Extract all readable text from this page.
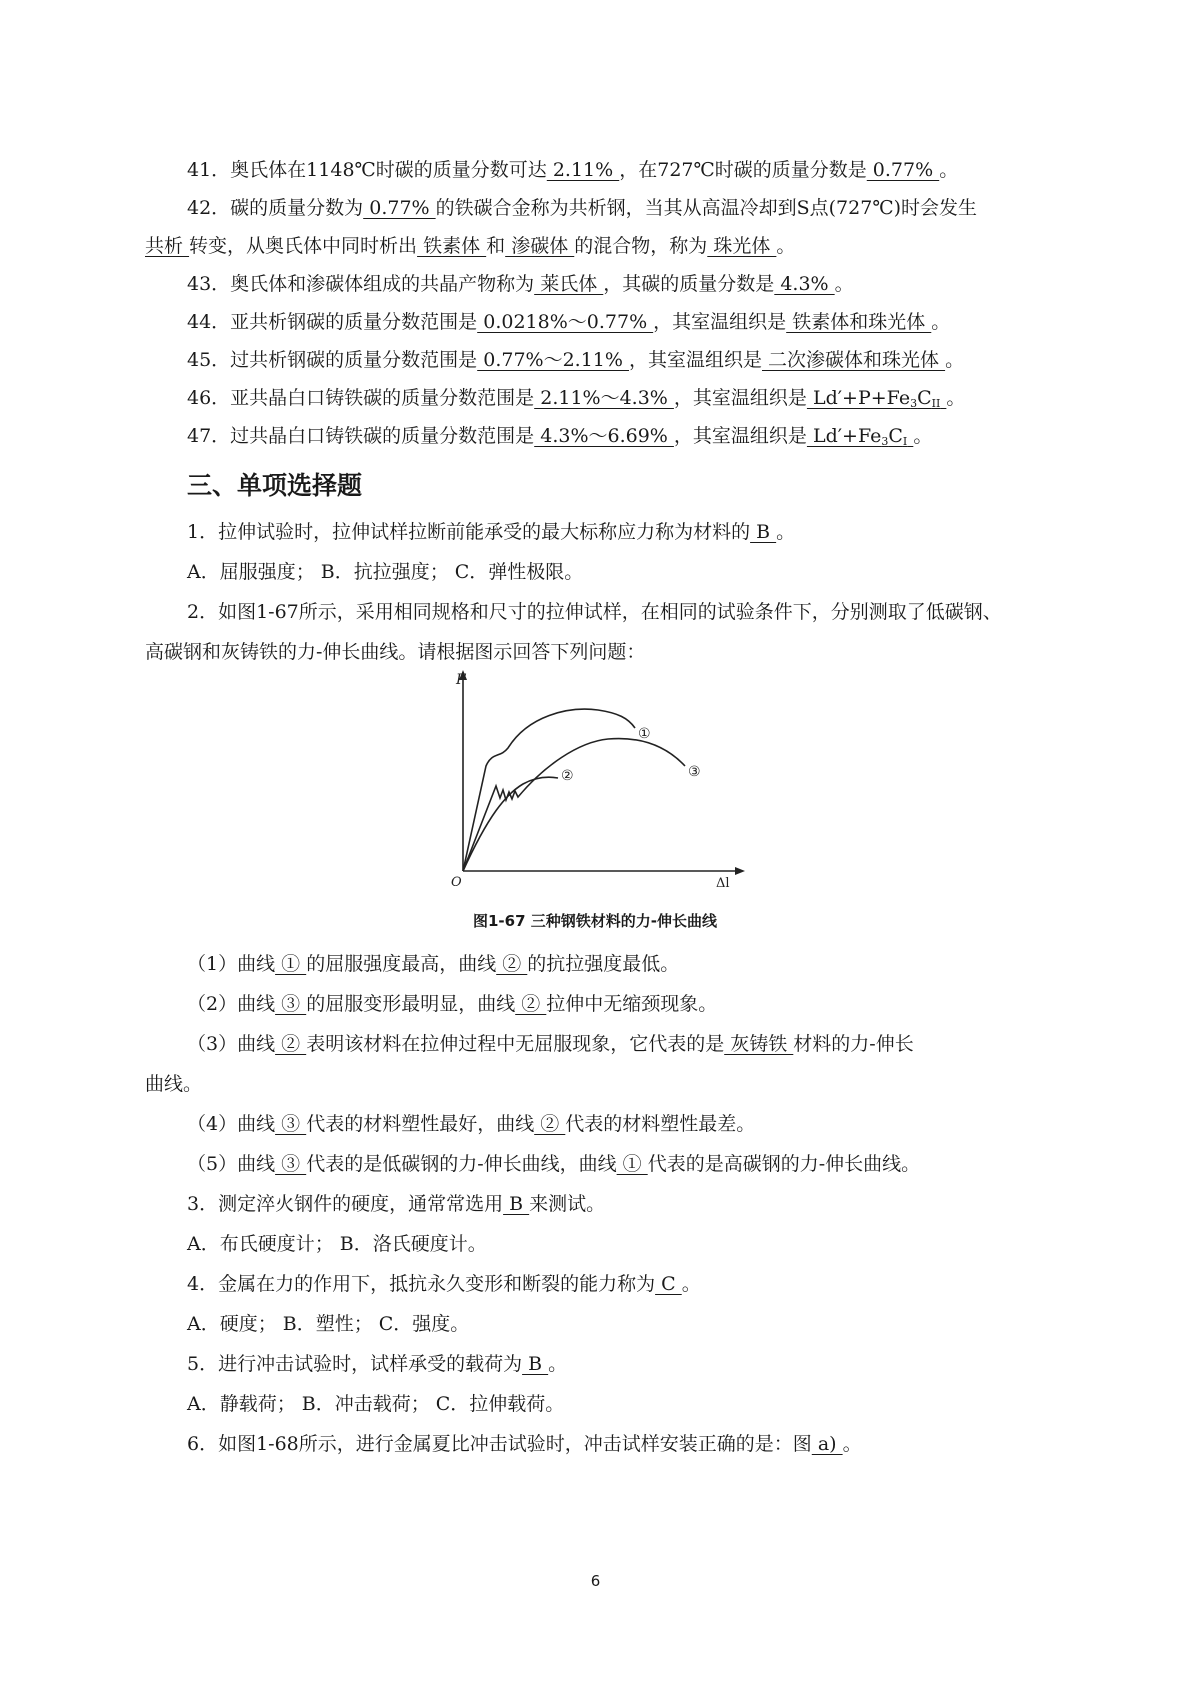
41．奥氏体在1148℃时碳的质量分数可达 2.11% ，在727℃时碳的质量分数是 0.77% 。
42．碳的质量分数为 0.77% 的铁碳合金称为共析钢，当其从高温冷却到S点(727℃)时会发生
共析 转变，从奥氏体中同时析出 铁素体 和 渗碳体 的混合物，称为 珠光体 。
43．奥氏体和渗碳体组成的共晶产物称为 莱氏体 ，其碳的质量分数是 4.3% 。
44．亚共析钢碳的质量分数范围是 0.0218%～0.77% ，其室温组织是 铁素体和珠光体 。
45．过共析钢碳的质量分数范围是 0.77%～2.11% ，其室温组织是 二次渗碳体和珠光体 。
46．亚共晶白口铸铁碳的质量分数范围是 2.11%～4.3% ，其室温组织是 $Ld'+P+Fe_3C_{II}$ 。
47．过共晶白口铸铁碳的质量分数范围是 4.3%～6.69% ，其室温组织是 $Ld'+Fe_3C_I$ 。
三、单项选择题
1．拉伸试验时，拉伸试样拉断前能承受的最大标称应力称为材料的 B 。
A．屈服强度； B．抗拉强度； C．弹性极限。
2．如图1-67所示，采用相同规格和尺寸的拉伸试样，在相同的试验条件下，分别测取了低碳钢、
高碳钢和灰铸铁的力-伸长曲线。请根据图示回答下列问题：
F
O	Δl
①
②	③
图1-67 三种钢铁材料的力-伸长曲线
（1）曲线 ① 的屈服强度最高，曲线 ② 的抗拉强度最低。
（2）曲线 ③ 的屈服变形最明显，曲线 ② 拉伸中无缩颈现象。
（3）曲线 ② 表明该材料在拉伸过程中无屈服现象，它代表的是 灰铸铁 材料的力-伸长
曲线。
（4）曲线 ③ 代表的材料塑性最好，曲线 ② 代表的材料塑性最差。
（5）曲线 ③ 代表的是低碳钢的力-伸长曲线，曲线 ① 代表的是高碳钢的力-伸长曲线。
3．测定淬火钢件的硬度，通常常选用 B 来测试。
A．布氏硬度计； B．洛氏硬度计。
4．金属在力的作用下，抵抗永久变形和断裂的能力称为 C 。
A．硬度； B．塑性； C．强度。
5．进行冲击试验时，试样承受的载荷为 B 。
A．静载荷； B．冲击载荷； C．拉伸载荷。
6．如图1-68所示，进行金属夏比冲击试验时，冲击试样安装正确的是：图 a) 。
6
